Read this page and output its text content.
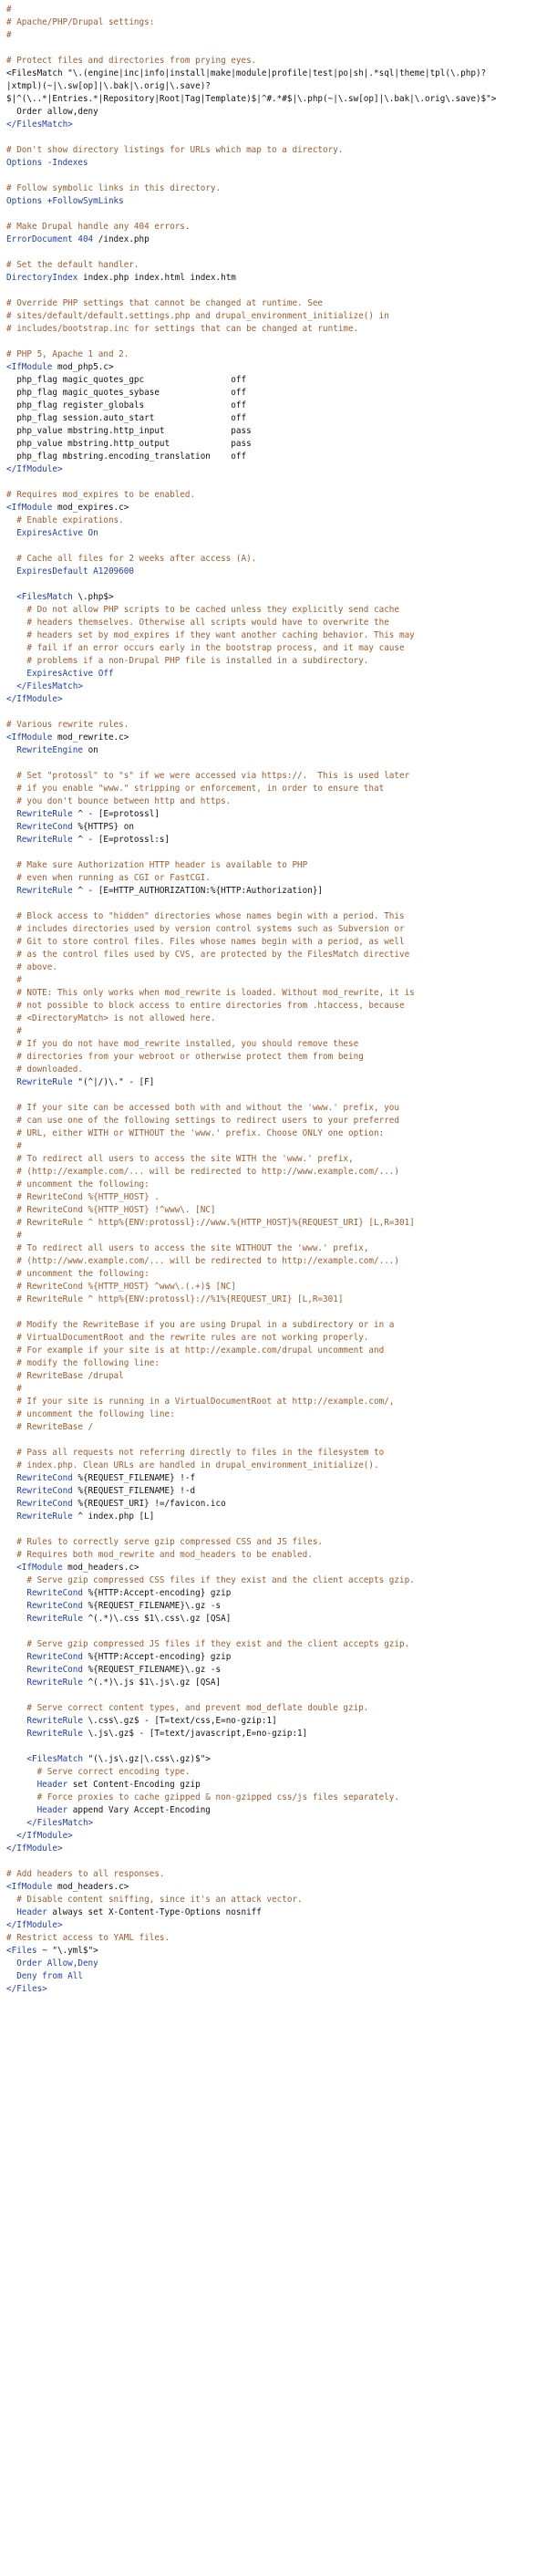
#
# Apache/PHP/Drupal settings:
#
# Protect files and directories from prying eyes.
<FilesMatch "\.(engine|inc|info|install|make|module|profile|test|po|sh|.*sql|theme|tpl(\.php)?
|xtmpl)(~|\.sw[op]|\.bak|\.orig|\.save)?
$|^(\..*|Entries.*|Repository|Root|Tag|Template)$|^#.*#$|\.php(~|\.sw[op]|\.bak|\.orig\.save)$">
Order allow,deny
</FilesMatch>
# Don't show directory listings for URLs which map to a directory.
Options -Indexes
# Follow symbolic links in this directory.
Options +FollowSymLinks
# Make Drupal handle any 404 errors.
ErrorDocument 404 /index.php
# Set the default handler.
DirectoryIndex index.php index.html index.htm
# Override PHP settings that cannot be changed at runtime. See
# sites/default/default.settings.php and drupal_environment_initialize() in
# includes/bootstrap.inc for settings that can be changed at runtime.
# PHP 5, Apache 1 and 2.
<IfModule mod_php5.c>
php_flag magic_quotes_gpc                 off
php_flag magic_quotes_sybase              off
php_flag register_globals                 off
php_flag session.auto_start               off
php_value mbstring.http_input             pass
php_value mbstring.http_output            pass
php_flag mbstring.encoding_translation    off
</IfModule>
# Requires mod_expires to be enabled.
<IfModule mod_expires.c>
# Enable expirations.
ExpiresActive On
# Cache all files for 2 weeks after access (A).
ExpiresDefault A1209600
<FilesMatch \.php$>
# Do not allow PHP scripts to be cached unless they explicitly send cache
# headers themselves. Otherwise all scripts would have to overwrite the
# headers set by mod_expires if they want another caching behavior. This may
# fail if an error occurs early in the bootstrap process, and it may cause
# problems if a non-Drupal PHP file is installed in a subdirectory.
ExpiresActive Off
</FilesMatch>
</IfModule>
# Various rewrite rules.
<IfModule mod_rewrite.c>
RewriteEngine on
# Set "protossl" to "s" if we were accessed via https://.  This is used later
# if you enable "www." stripping or enforcement, in order to ensure that
# you don't bounce between http and https.
RewriteRule ^ - [E=protossl]
RewriteCond %{HTTPS} on
RewriteRule ^ - [E=protossl:s]
# Make sure Authorization HTTP header is available to PHP
# even when running as CGI or FastCGI.
RewriteRule ^ - [E=HTTP_AUTHORIZATION:%{HTTP:Authorization}]
# Block access to "hidden" directories whose names begin with a period. This
# includes directories used by version control systems such as Subversion or
# Git to store control files. Files whose names begin with a period, as well
# as the control files used by CVS, are protected by the FilesMatch directive
# above.
#
# NOTE: This only works when mod_rewrite is loaded. Without mod_rewrite, it is
# not possible to block access to entire directories from .htaccess, because
# <DirectoryMatch> is not allowed here.
#
# If you do not have mod_rewrite installed, you should remove these
# directories from your webroot or otherwise protect them from being
# downloaded.
RewriteRule "(^|/)\." - [F]
# If your site can be accessed both with and without the 'www.' prefix, you
# can use one of the following settings to redirect users to your preferred
# URL, either WITH or WITHOUT the 'www.' prefix. Choose ONLY one option:
#
# To redirect all users to access the site WITH the 'www.' prefix,
# (http://example.com/... will be redirected to http://www.example.com/...)
# uncomment the following:
# RewriteCond %{HTTP_HOST} .
# RewriteCond %{HTTP_HOST} !^www\. [NC]
# RewriteRule ^ http%{ENV:protossl}://www.%{HTTP_HOST}%{REQUEST_URI} [L,R=301]
#
# To redirect all users to access the site WITHOUT the 'www.' prefix,
# (http://www.example.com/... will be redirected to http://example.com/...)
# uncomment the following:
# RewriteCond %{HTTP_HOST} ^www\.(.+)$ [NC]
# RewriteRule ^ http%{ENV:protossl}://%1%{REQUEST_URI} [L,R=301]
# Modify the RewriteBase if you are using Drupal in a subdirectory or in a
# VirtualDocumentRoot and the rewrite rules are not working properly.
# For example if your site is at http://example.com/drupal uncomment and
# modify the following line:
# RewriteBase /drupal
#
# If your site is running in a VirtualDocumentRoot at http://example.com/,
# uncomment the following line:
# RewriteBase /
# Pass all requests not referring directly to files in the filesystem to
# index.php. Clean URLs are handled in drupal_environment_initialize().
RewriteCond %{REQUEST_FILENAME} !-f
RewriteCond %{REQUEST_FILENAME} !-d
RewriteCond %{REQUEST_URI} !=/favicon.ico
RewriteRule ^ index.php [L]
# Rules to correctly serve gzip compressed CSS and JS files.
# Requires both mod_rewrite and mod_headers to be enabled.
<IfModule mod_headers.c>
# Serve gzip compressed CSS files if they exist and the client accepts gzip.
RewriteCond %{HTTP:Accept-encoding} gzip
RewriteCond %{REQUEST_FILENAME}\.gz -s
RewriteRule ^(.*)\.css $1\.css\.gz [QSA]
# Serve gzip compressed JS files if they exist and the client accepts gzip.
RewriteCond %{HTTP:Accept-encoding} gzip
RewriteCond %{REQUEST_FILENAME}\.gz -s
RewriteRule ^(.*)\.js $1\.js\.gz [QSA]
# Serve correct content types, and prevent mod_deflate double gzip.
RewriteRule \.css\.gz$ - [T=text/css,E=no-gzip:1]
RewriteRule \.js\.gz$ - [T=text/javascript,E=no-gzip:1]
<FilesMatch "(\.js\.gz|\.css\.gz)$">
# Serve correct encoding type.
Header set Content-Encoding gzip
# Force proxies to cache gzipped & non-gzipped css/js files separately.
Header append Vary Accept-Encoding
</FilesMatch>
</IfModule>
</IfModule>
# Add headers to all responses.
<IfModule mod_headers.c>
# Disable content sniffing, since it's an attack vector.
Header always set X-Content-Type-Options nosniff
</IfModule>
# Restrict access to YAML files.
<Files ~ "\.yml$">
Order Allow,Deny
Deny from All
</Files>
